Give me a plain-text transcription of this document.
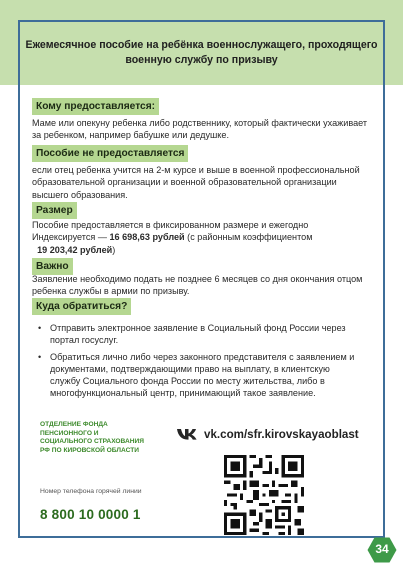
Ежемесячное пособие на ребёнка военнослужащего, проходящего военную службу по призыву

Кому предоставляется:

Маме или опекуну ребенка либо родственнику, который фактически ухаживает за ребенком, например бабушке или дедушке.

Пособие не предоставляется

если отец ребенка учится на 2-м курсе и выше в военной профессиональной образовательной организации и военной образовательной организации высшего образования.

Размер

Пособие предоставляется в фиксированном размере и ежегодно Индексируется — 16 698,63 рублей (с районным коэффициентом
19 203,42 рублей)

Важно

Заявление необходимо подать не позднее 6 месяцев со дня окончания отцом ребенка службы в армии по призыву.

Куда обратиться?
• Отправить электронное заявление в Социальный фонд России через портал госуслуг.
• Обратиться лично либо через законного представителя с заявлением и документами, подтверждающими право на выплату, в клиентскую службу Социального фонда России по месту жительства, либо в многофункциональный центр, принимающий такое заявление.
ОТДЕЛЕНИЕ ФОНДА ПЕНСИОННОГО И СОЦИАЛЬНОГО СТРАХОВАНИЯ РФ ПО КИРОВСКОЙ ОБЛАСТИ
Номер телефона горячей линии
8 800 10 0000 1
vk.com/sfr.kirovskayaoblast
34
